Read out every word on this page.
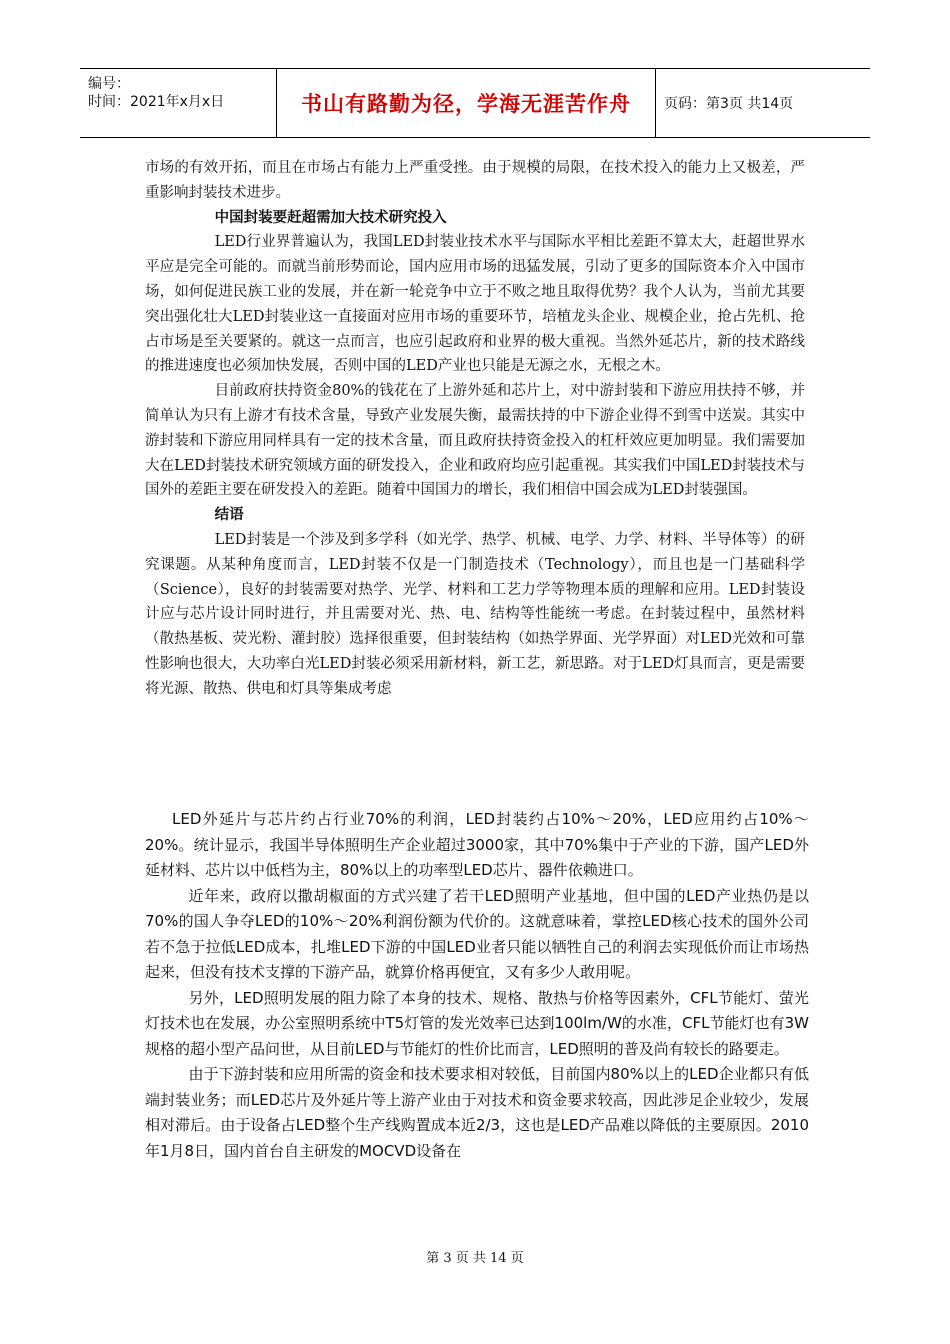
编号：
时间：2021年x月x日	书山有路勤为径，学海无涯苦作舟	页码：第3页 共14页

市场的有效开拓，而且在市场占有能力上严重受挫。由于规模的局限，在技术投入的能力上又极差，严重影响封装技术进步。

中国封装要赶超需加大技术研究投入

LED行业界普遍认为，我国LED封装业技术水平与国际水平相比差距不算太大，赶超世界水平应是完全可能的。而就当前形势而论，国内应用市场的迅猛发展，引动了更多的国际资本介入中国市场，如何促进民族工业的发展，并在新一轮竞争中立于不败之地且取得优势？我个人认为，当前尤其要突出强化壮大LED封装业这一直接面对应用市场的重要环节，培植龙头企业、规模企业，抢占先机、抢占市场是至关要紧的。就这一点而言，也应引起政府和业界的极大重视。当然外延芯片，新的技术路线的推进速度也必须加快发展，否则中国的LED产业也只能是无源之水，无根之木。

目前政府扶持资金80%的钱花在了上游外延和芯片上，对中游封装和下游应用扶持不够，并简单认为只有上游才有技术含量，导致产业发展失衡，最需扶持的中下游企业得不到雪中送炭。其实中游封装和下游应用同样具有一定的技术含量，而且政府扶持资金投入的杠杆效应更加明显。我们需要加大在LED封装技术研究领域方面的研发投入，企业和政府均应引起重视。其实我们中国LED封装技术与国外的差距主要在研发投入的差距。随着中国国力的增长，我们相信中国会成为LED封装强国。

结语

LED封装是一个涉及到多学科（如光学、热学、机械、电学、力学、材料、半导体等）的研究课题。从某种角度而言，LED封装不仅是一门制造技术（Technology），而且也是一门基础科学（Science），良好的封装需要对热学、光学、材料和工艺力学等物理本质的理解和应用。LED封装设计应与芯片设计同时进行，并且需要对光、热、电、结构等性能统一考虑。在封装过程中，虽然材料（散热基板、荧光粉、灌封胶）选择很重要，但封装结构（如热学界面、光学界面）对LED光效和可靠性影响也很大，大功率白光LED封装必须采用新材料，新工艺，新思路。对于LED灯具而言，更是需要将光源、散热、供电和灯具等集成考虑

LED外延片与芯片约占行业70%的利润，LED封装约占10%～20%，LED应用约占10%～20%。统计显示，我国半导体照明生产企业超过3000家，其中70%集中于产业的下游，国产LED外延材料、芯片以中低档为主，80%以上的功率型LED芯片、器件依赖进口。

近年来，政府以撒胡椒面的方式兴建了若干LED照明产业基地，但中国的LED产业热仍是以70%的国人争夺LED的10%～20%利润份额为代价的。这就意味着，掌控LED核心技术的国外公司若不急于拉低LED成本，扎堆LED下游的中国LED业者只能以牺牲自己的利润去实现低价而让市场热起来，但没有技术支撑的下游产品，就算价格再便宜，又有多少人敢用呢。

另外，LED照明发展的阻力除了本身的技术、规格、散热与价格等因素外，CFL节能灯、萤光灯技术也在发展，办公室照明系统中T5灯管的发光效率已达到100lm/W的水准，CFL节能灯也有3W规格的超小型产品问世，从目前LED与节能灯的性价比而言，LED照明的普及尚有较长的路要走。

由于下游封装和应用所需的资金和技术要求相对较低，目前国内80%以上的LED企业都只有低端封装业务；而LED芯片及外延片等上游产业由于对技术和资金要求较高，因此涉足企业较少，发展相对滞后。由于设备占LED整个生产线购置成本近2/3，这也是LED产品难以降低的主要原因。2010年1月8日，国内首台自主研发的MOCVD设备在

第 3 页 共 14 页
